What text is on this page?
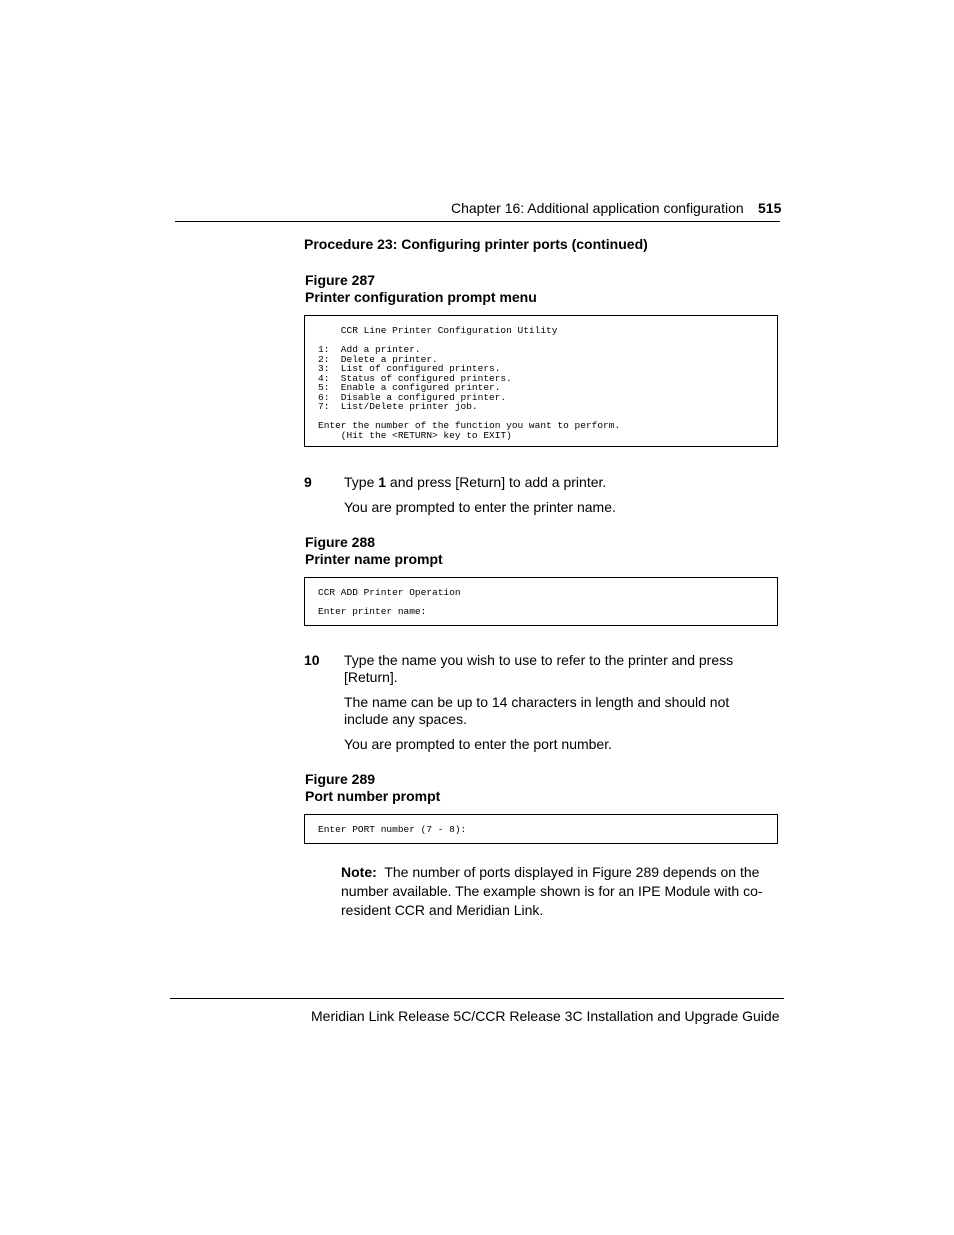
Chapter 16: Additional application configuration 515
Procedure 23: Configuring printer ports (continued)
Figure 287
Printer configuration prompt menu
CCR Line Printer Configuration Utility

1:  Add a printer.
2:  Delete a printer.
3:  List of configured printers.
4:  Status of configured printers.
5:  Enable a configured printer.
6:  Disable a configured printer.
7:  List/Delete printer job.

Enter the number of the function you want to perform.
(Hit the <RETURN> key to EXIT)
9 Type 1 and press [Return] to add a printer.
You are prompted to enter the printer name.
Figure 288
Printer name prompt
CCR ADD Printer Operation

Enter printer name:
10 Type the name you wish to use to refer to the printer and press
[Return].
The name can be up to 14 characters in length and should not
include any spaces.
You are prompted to enter the port number.
Figure 289
Port number prompt
Enter PORT number (7 - 8):
Note: The number of ports displayed in Figure 289 depends on the
number available. The example shown is for an IPE Module with co-
resident CCR and Meridian Link.
Meridian Link Release 5C/CCR Release 3C Installation and Upgrade Guide
